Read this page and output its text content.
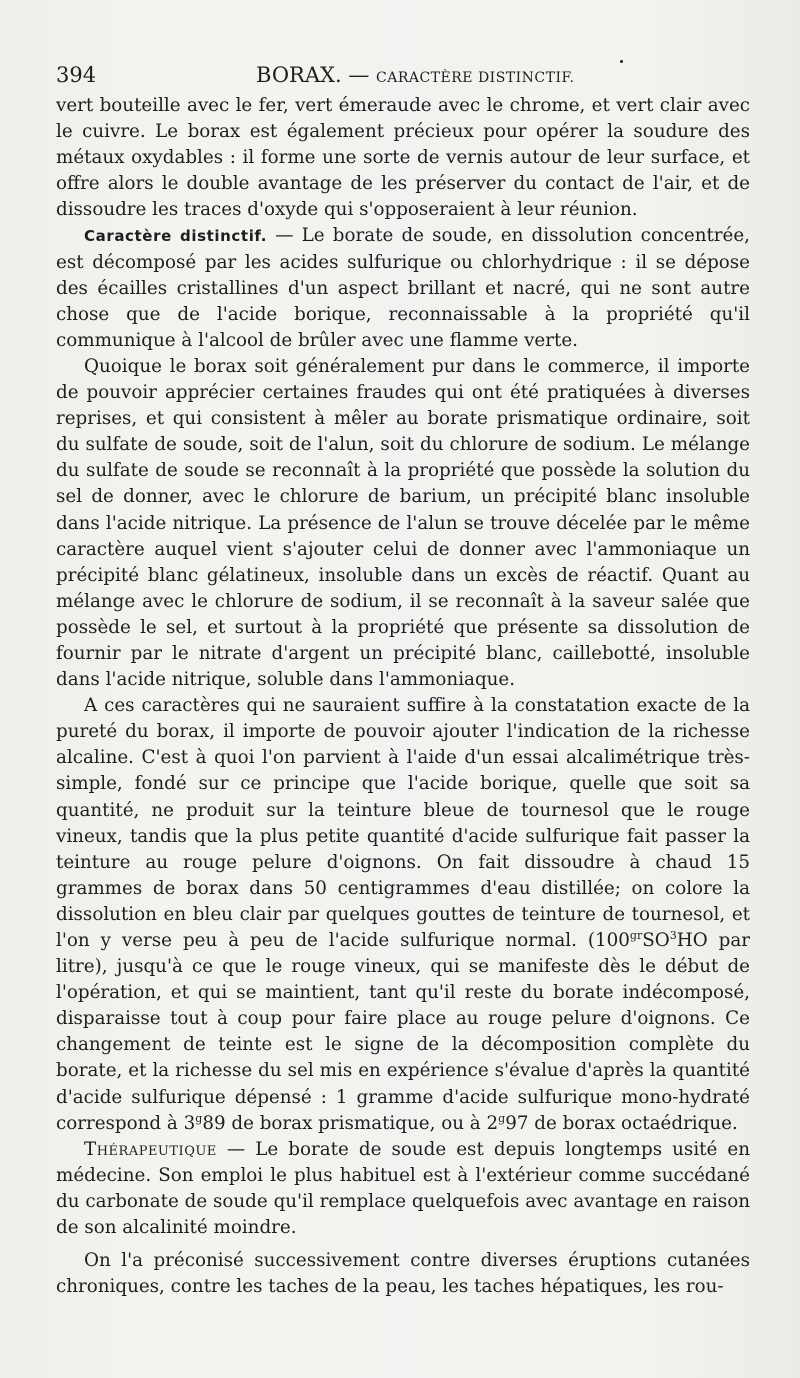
394	BORAX. — CARACTÈRE DISTINCTIF.

vert bouteille avec le fer, vert émeraude avec le chrome, et vert clair avec le cuivre. Le borax est également précieux pour opérer la soudure des métaux oxydables : il forme une sorte de vernis autour de leur surface, et offre alors le double avantage de les préserver du contact de l'air, et de dissoudre les traces d'oxyde qui s'opposeraient à leur réunion.

Caractère distinctif. — Le borate de soude, en dissolution concentrée, est décomposé par les acides sulfurique ou chlorhydrique : il se dépose des écailles cristallines d'un aspect brillant et nacré, qui ne sont autre chose que de l'acide borique, reconnaissable à la propriété qu'il communique à l'alcool de brûler avec une flamme verte.

Quoique le borax soit généralement pur dans le commerce, il importe de pouvoir apprécier certaines fraudes qui ont été pratiquées à diverses reprises, et qui consistent à mêler au borate prismatique ordinaire, soit du sulfate de soude, soit de l'alun, soit du chlorure de sodium. Le mélange du sulfate de soude se reconnaît à la propriété que possède la solution du sel de donner, avec le chlorure de barium, un précipité blanc insoluble dans l'acide nitrique. La présence de l'alun se trouve décelée par le même caractère auquel vient s'ajouter celui de donner avec l'ammoniaque un précipité blanc gélatineux, insoluble dans un excès de réactif. Quant au mélange avec le chlorure de sodium, il se reconnaît à la saveur salée que possède le sel, et surtout à la propriété que présente sa dissolution de fournir par le nitrate d'argent un précipité blanc, caillebotté, insoluble dans l'acide nitrique, soluble dans l'ammoniaque.

A ces caractères qui ne sauraient suffire à la constatation exacte de la pureté du borax, il importe de pouvoir ajouter l'indication de la richesse alcaline. C'est à quoi l'on parvient à l'aide d'un essai alcalimétrique très-simple, fondé sur ce principe que l'acide borique, quelle que soit sa quantité, ne produit sur la teinture bleue de tournesol que le rouge vineux, tandis que la plus petite quantité d'acide sulfurique fait passer la teinture au rouge pelure d'oignons. On fait dissoudre à chaud 15 grammes de borax dans 50 centigrammes d'eau distillée; on colore la dissolution en bleu clair par quelques gouttes de teinture de tournesol, et l'on y verse peu à peu de l'acide sulfurique normal. ($100^{gr}SO^3HO$ par litre), jusqu'à ce que le rouge vineux, qui se manifeste dès le début de l'opération, et qui se maintient, tant qu'il reste du borate indécomposé, disparaisse tout à coup pour faire place au rouge pelure d'oignons. Ce changement de teinte est le signe de la décomposition complète du borate, et la richesse du sel mis en expérience s'évalue d'après la quantité d'acide sulfurique dépensé : 1 gramme d'acide sulfurique mono-hydraté correspond à 3$^g$89 de borax prismatique, ou à 2$^g$97 de borax octaédrique.

Thérapeutique — Le borate de soude est depuis longtemps usité en médecine. Son emploi le plus habituel est à l'extérieur comme succédané du carbonate de soude qu'il remplace quelquefois avec avantage en raison de son alcalinité moindre.

On l'a préconisé successivement contre diverses éruptions cutanées chroniques, contre les taches de la peau, les taches hépatiques, les rou-
